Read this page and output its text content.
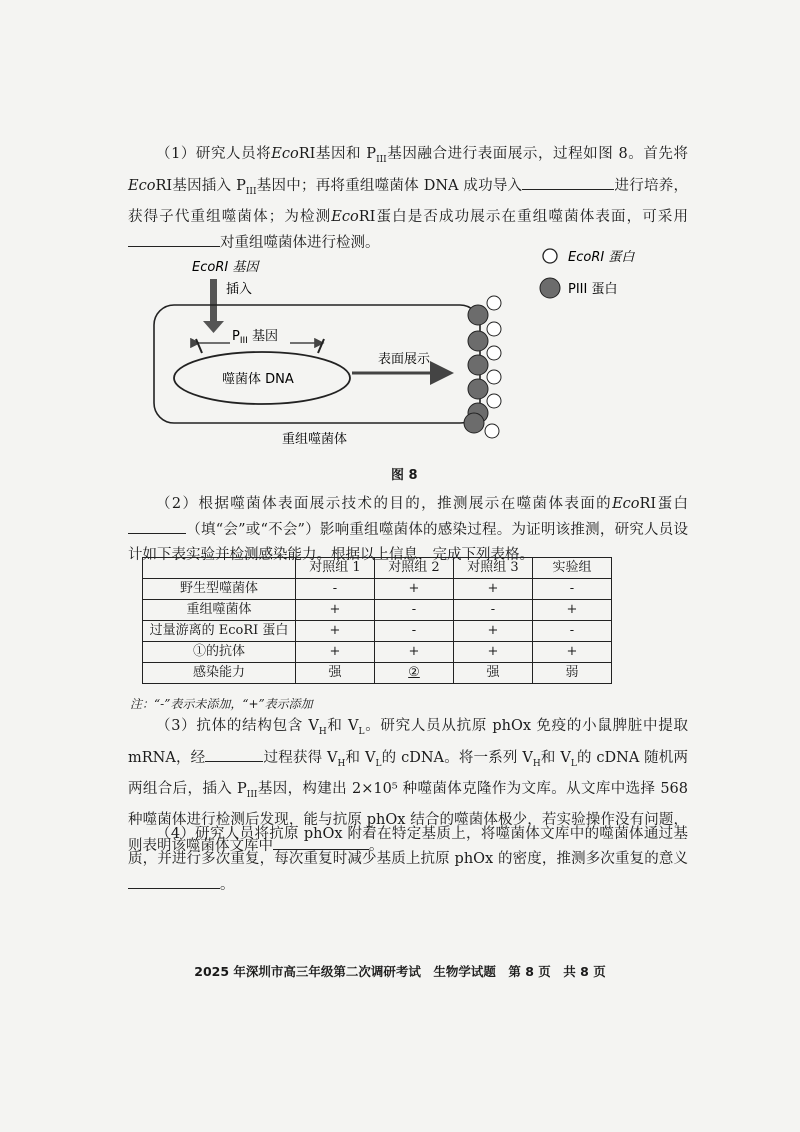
（1）研究人员将EcoRI基因和 $P_{III}$基因融合进行表面展示，过程如图 8。首先将EcoRI基因插入 $P_{III}$基因中；再将重组噬菌体 DNA 成功导入	进行培养，获得子代重组噬菌体；为检测EcoRI蛋白是否成功展示在重组噬菌体表面，可采用对重组噬菌体进行检测。
EcoRI 基因
插入
$P_{III}$ 基因
噬菌体 DNA
表面展示
重组噬菌体
EcoRI 蛋白
PIII 蛋白
图 8
（2）根据噬菌体表面展示技术的目的，推测展示在噬菌体表面的EcoRI蛋白（填“会”或“不会”）影响重组噬菌体的感染过程。为证明该推测，研究人员设计如下表实验并检测感染能力。根据以上信息，完成下列表格。
	对照组 1	对照组 2	对照组 3	实验组
野生型噬菌体	-	+	+	-
重组噬菌体	+	-	-	+
过量游离的 EcoRI 蛋白	+	-	+	-
①的抗体	+	+	+	+
感染能力	强	②	强	弱
注：“-”表示未添加，“+”表示添加
（3）抗体的结构包含 $V_H$和 $V_L$。研究人员从抗原 phOx 免疫的小鼠脾脏中提取 mRNA，经	过程获得 $V_H$和 $V_L$的 cDNA。将一系列 $V_H$和 $V_L$的 cDNA 随机两两组合后，插入 $P_{III}$基因，构建出 2×10⁵ 种噬菌体克隆作为文库。从文库中选择 568 种噬菌体进行检测后发现，能与抗原 phOx 结合的噬菌体极少，若实验操作没有问题，则表明该噬菌体文库中	。
（4）研究人员将抗原 phOx 附着在特定基质上，将噬菌体文库中的噬菌体通过基质，并进行多次重复，每次重复时减少基质上抗原 phOx 的密度，推测多次重复的意义。
2025 年深圳市高三年级第二次调研考试　生物学试题　第 8 页　共 8 页
